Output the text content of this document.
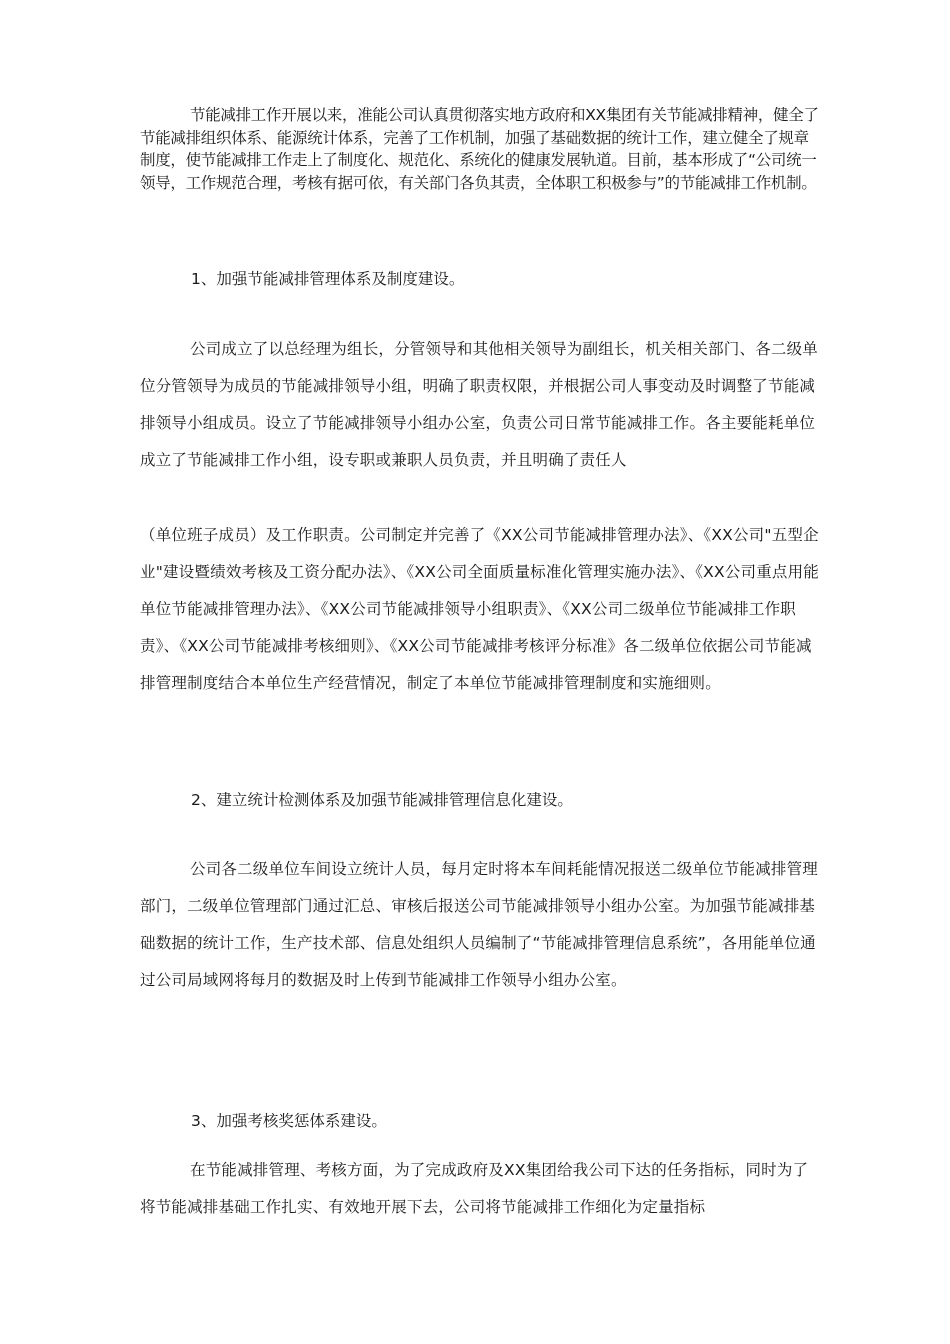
节能减排工作开展以来，准能公司认真贯彻落实地方政府和XX集团有关节能减排精神，健全了节能减排组织体系、能源统计体系，完善了工作机制，加强了基础数据的统计工作，建立健全了规章制度，使节能减排工作走上了制度化、规范化、系统化的健康发展轨道。目前，基本形成了“公司统一领导，工作规范合理，考核有据可依，有关部门各负其责，全体职工积极参与”的节能减排工作机制。

1、加强节能减排管理体系及制度建设。

公司成立了以总经理为组长，分管领导和其他相关领导为副组长，机关相关部门、各二级单位分管领导为成员的节能减排领导小组，明确了职责权限，并根据公司人事变动及时调整了节能减排领导小组成员。设立了节能减排领导小组办公室，负责公司日常节能减排工作。各主要能耗单位成立了节能减排工作小组，设专职或兼职人员负责，并且明确了责任人

（单位班子成员）及工作职责。公司制定并完善了《XX公司节能减排管理办法》、《XX公司"五型企业"建设暨绩效考核及工资分配办法》、《XX公司全面质量标准化管理实施办法》、《XX公司重点用能单位节能减排管理办法》、《XX公司节能减排领导小组职责》、《XX公司二级单位节能减排工作职责》、《XX公司节能减排考核细则》、《XX公司节能减排考核评分标准》各二级单位依据公司节能减排管理制度结合本单位生产经营情况，制定了本单位节能减排管理制度和实施细则。

2、建立统计检测体系及加强节能减排管理信息化建设。

公司各二级单位车间设立统计人员，每月定时将本车间耗能情况报送二级单位节能减排管理部门，二级单位管理部门通过汇总、审核后报送公司节能减排领导小组办公室。为加强节能减排基础数据的统计工作，生产技术部、信息处组织人员编制了“节能减排管理信息系统”，各用能单位通过公司局域网将每月的数据及时上传到节能减排工作领导小组办公室。

3、加强考核奖惩体系建设。

在节能减排管理、考核方面，为了完成政府及XX集团给我公司下达的任务指标，同时为了将节能减排基础工作扎实、有效地开展下去，公司将节能减排工作细化为定量指标
